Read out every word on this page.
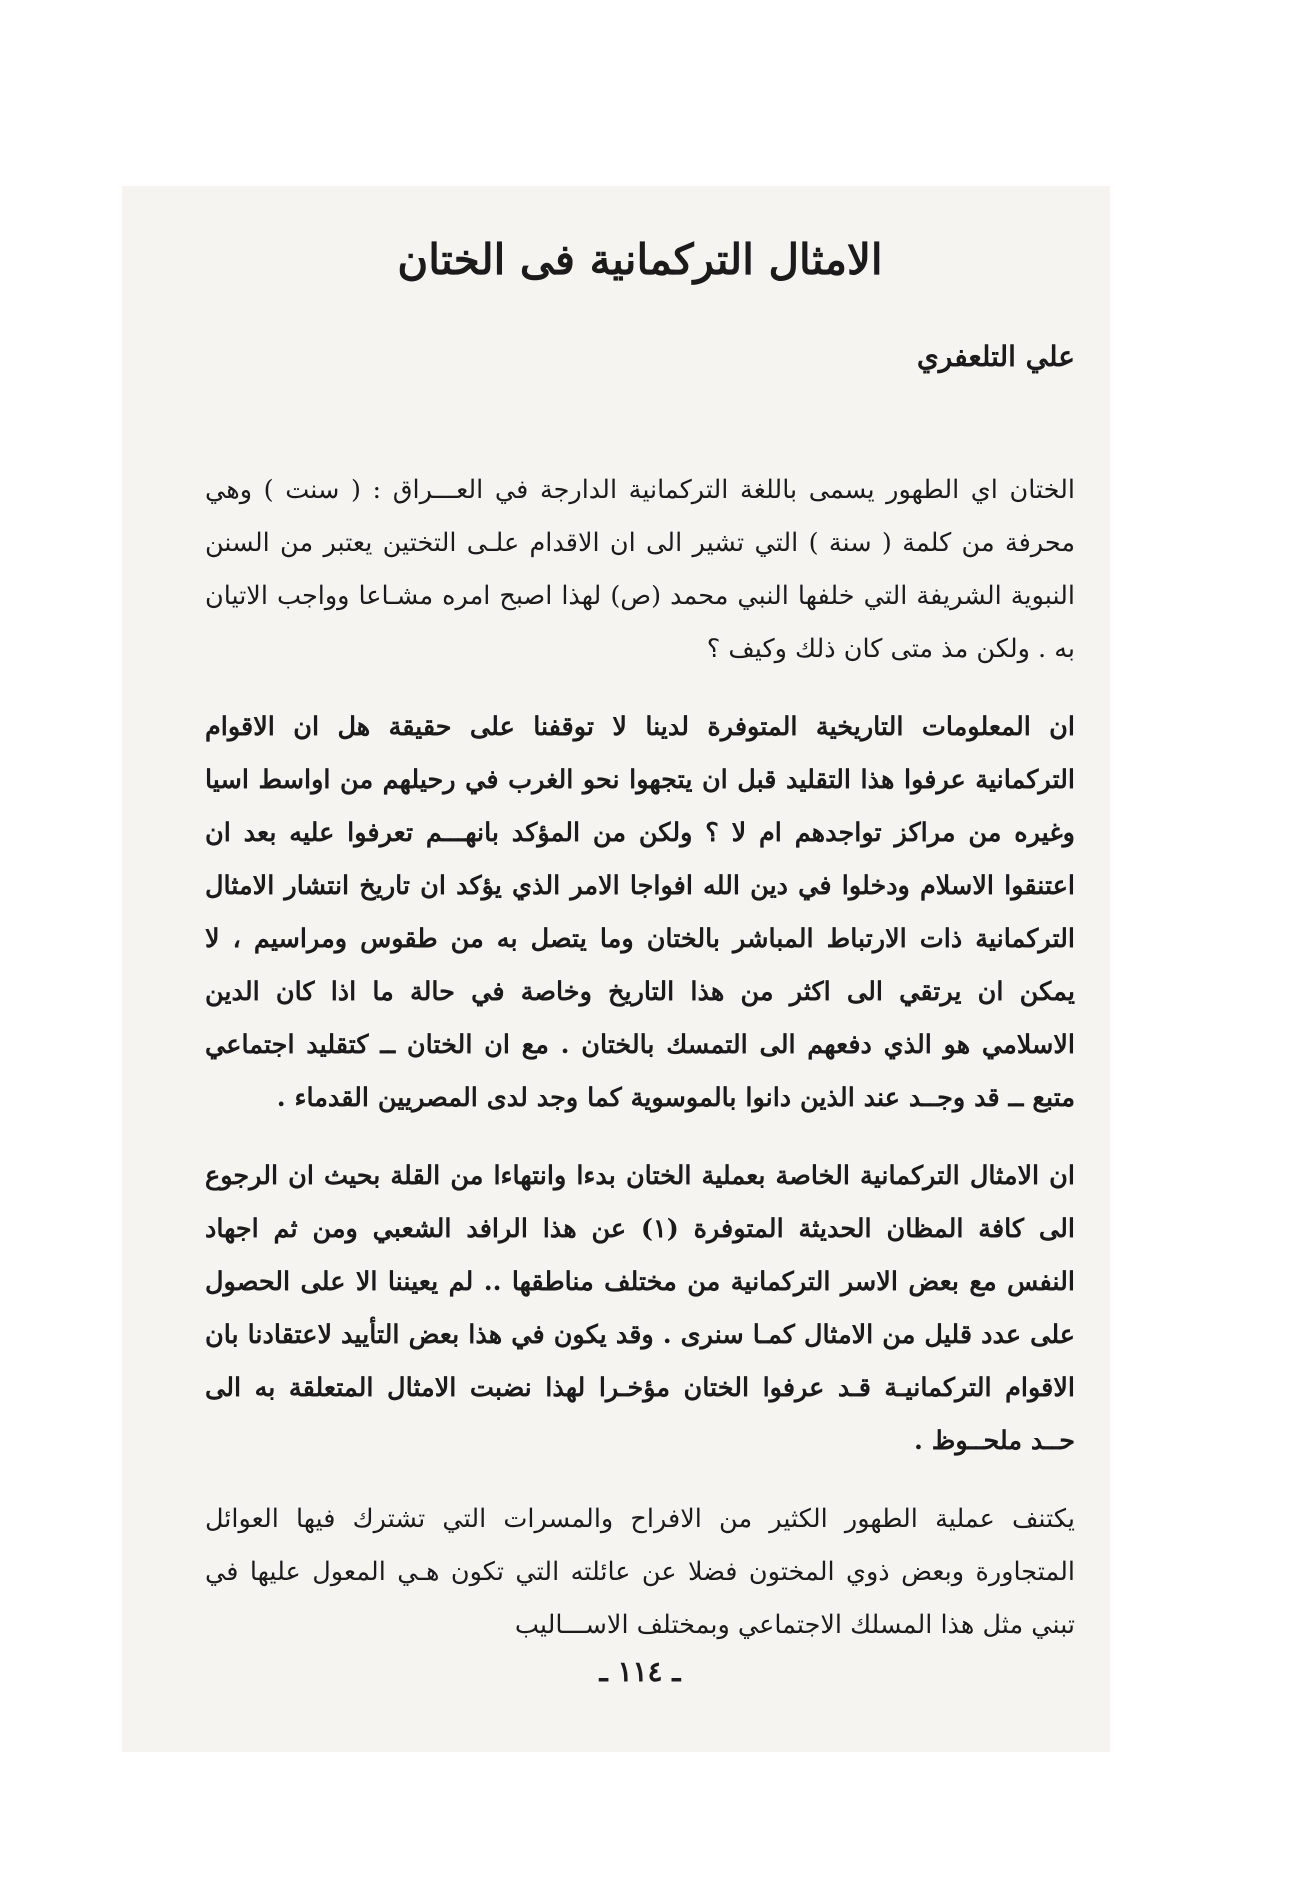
الامثال التركمانية فى الختان
علي التلعفري

الختان اي الطهور يسمى باللغة التركمانية الدارجة في العـــراق : ( سنت ) وهي محرفة من كلمة ( سنة ) التي تشير الى ان الاقدام علـى التختين يعتبر من السنن النبوية الشريفة التي خلفها النبي محمد (ص) لهذا اصبح امره مشـاعا وواجب الاتيان به . ولكن مذ متى كان ذلك وكيف ؟

ان المعلومات التاريخية المتوفرة لدينا لا توقفنا على حقيقة هل ان الاقوام التركمانية عرفوا هذا التقليد قبل ان يتجهوا نحو الغرب في رحيلهم من اواسط اسيا وغيره من مراكز تواجدهم ام لا ؟ ولكن من المؤكد بانهـــم تعرفوا عليه بعد ان اعتنقوا الاسلام ودخلوا في دين الله افواجا الامر الذي يؤكد ان تاريخ انتشار الامثال التركمانية ذات الارتباط المباشر بالختان وما يتصل به من طقوس ومراسيم ، لا يمكن ان يرتقي الى اكثر من هذا التاريخ وخاصة في حالة ما اذا كان الدين الاسلامي هو الذي دفعهم الى التمسك بالختان . مع ان الختان ــ كتقليد اجتماعي متبع ــ قد وجــد عند الذين دانوا بالموسوية كما وجد لدى المصريين القدماء .

ان الامثال التركمانية الخاصة بعملية الختان بدءا وانتهاءا من القلة بحيث ان الرجوع الى كافة المظان الحديثة المتوفرة (١) عن هذا الرافد الشعبي ومن ثم اجهاد النفس مع بعض الاسر التركمانية من مختلف مناطقها .. لم يعيننا الا على الحصول على عدد قليل من الامثال كمـا سنرى . وقد يكون في هذا بعض التأييد لاعتقادنا بان الاقوام التركمانيـة قـد عرفوا الختان مؤخـرا لهذا نضبت الامثال المتعلقة به الى حــد ملحــوظ .

يكتنف عملية الطهور الكثير من الافراح والمسرات التي تشترك فيها العوائل المتجاورة وبعض ذوي المختون فضلا عن عائلته التي تكون هـي المعول عليها في تبني مثل هذا المسلك الاجتماعي وبمختلف الاســـاليب

ـ ١١٤ ـ
